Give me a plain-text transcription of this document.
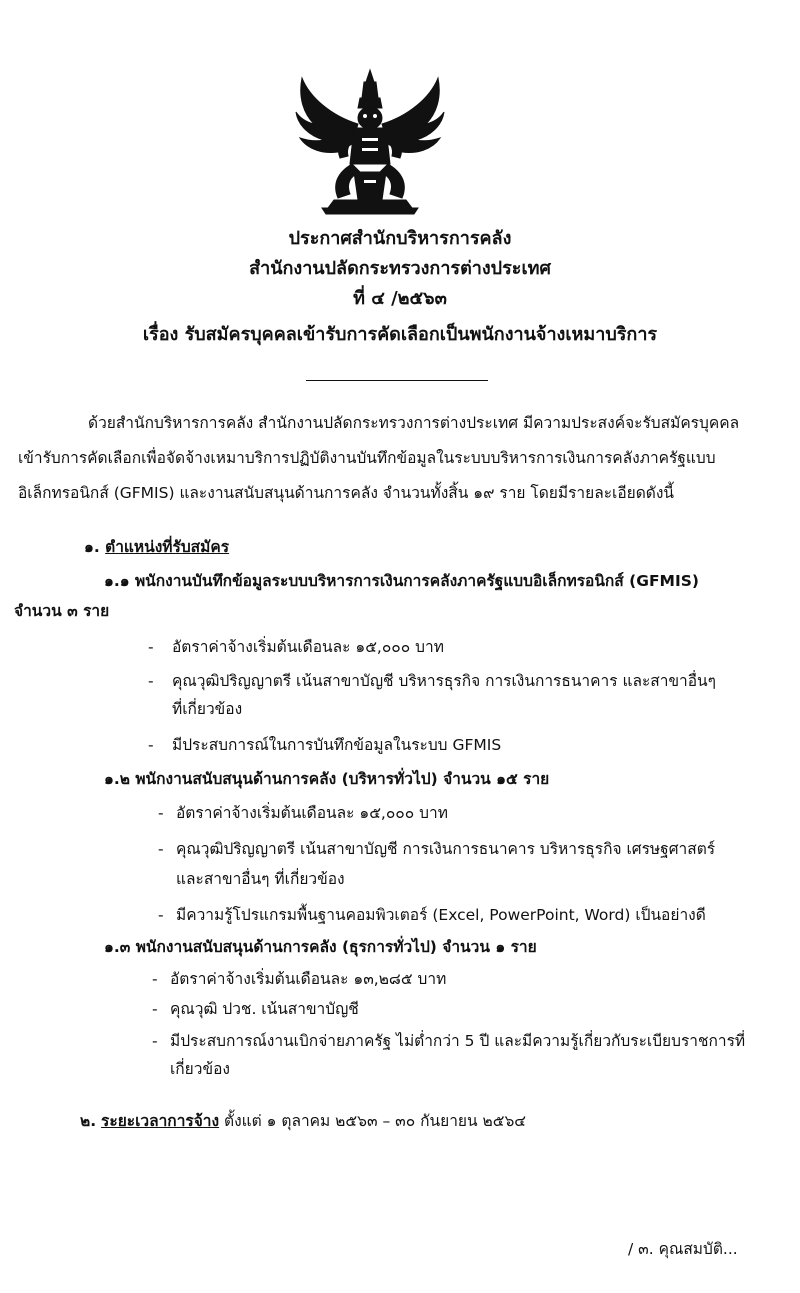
ประกาศสำนักบริหารการคลัง
สำนักงานปลัดกระทรวงการต่างประเทศ
ที่ ๔ /๒๕๖๓
เรื่อง รับสมัครบุคคลเข้ารับการคัดเลือกเป็นพนักงานจ้างเหมาบริการ
ด้วยสำนักบริหารการคลัง สำนักงานปลัดกระทรวงการต่างประเทศ มีความประสงค์จะรับสมัครบุคคล
เข้ารับการคัดเลือกเพื่อจัดจ้างเหมาบริการปฏิบัติงานบันทึกข้อมูลในระบบบริหารการเงินการคลังภาครัฐแบบ
อิเล็กทรอนิกส์ (GFMIS) และงานสนับสนุนด้านการคลัง จำนวนทั้งสิ้น ๑๙ ราย โดยมีรายละเอียดดังนี้
๑. ตำแหน่งที่รับสมัคร
๑.๑ พนักงานบันทึกข้อมูลระบบบริหารการเงินการคลังภาครัฐแบบอิเล็กทรอนิกส์ (GFMIS)
จำนวน ๓ ราย
- อัตราค่าจ้างเริ่มต้นเดือนละ ๑๕,๐๐๐ บาท
- คุณวุฒิปริญญาตรี เน้นสาขาบัญชี บริหารธุรกิจ การเงินการธนาคาร และสาขาอื่นๆ
ที่เกี่ยวข้อง
- มีประสบการณ์ในการบันทึกข้อมูลในระบบ GFMIS
๑.๒ พนักงานสนับสนุนด้านการคลัง (บริหารทั่วไป) จำนวน ๑๕ ราย
- อัตราค่าจ้างเริ่มต้นเดือนละ ๑๕,๐๐๐ บาท
- คุณวุฒิปริญญาตรี เน้นสาขาบัญชี การเงินการธนาคาร บริหารธุรกิจ เศรษฐศาสตร์
และสาขาอื่นๆ ที่เกี่ยวข้อง
- มีความรู้โปรแกรมพื้นฐานคอมพิวเตอร์ (Excel, PowerPoint, Word) เป็นอย่างดี
๑.๓ พนักงานสนับสนุนด้านการคลัง (ธุรการทั่วไป) จำนวน ๑ ราย
- อัตราค่าจ้างเริ่มต้นเดือนละ ๑๓,๒๘๕ บาท
- คุณวุฒิ ปวช. เน้นสาขาบัญชี
- มีประสบการณ์งานเบิกจ่ายภาครัฐ ไม่ต่ำกว่า 5 ปี และมีความรู้เกี่ยวกับระเบียบราชการที่
เกี่ยวข้อง
๒. ระยะเวลาการจ้าง ตั้งแต่ ๑ ตุลาคม ๒๕๖๓ – ๓๐ กันยายน ๒๕๖๔
/ ๓. คุณสมบัติ...
